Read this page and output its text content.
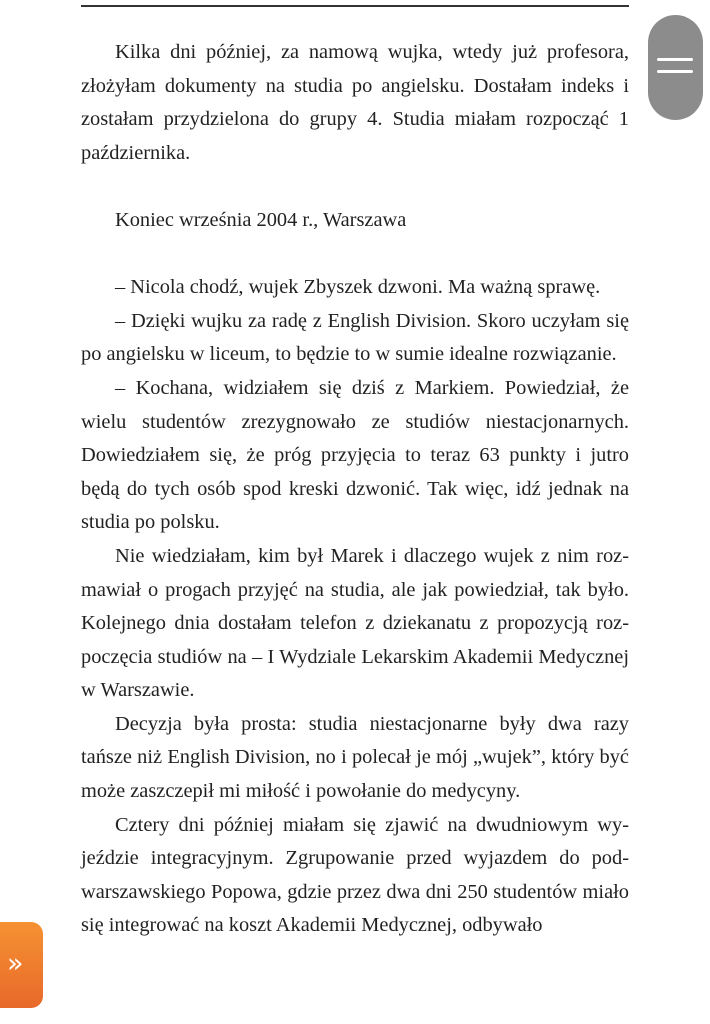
Kilka dni później, za namową wujka, wtedy już profesora, złożyłam dokumenty na studia po angielsku. Dostałam indeks i zostałam przydzielona do grupy 4. Studia miałam rozpocząć 1 października.

Koniec września 2004 r., Warszawa

– Nicola chodź, wujek Zbyszek dzwoni. Ma ważną sprawę.

– Dzięki wujku za radę z English Division. Skoro uczyłam się po angielsku w liceum, to będzie to w sumie idealne rozwiązanie.

– Kochana, widziałem się dziś z Markiem. Powiedział, że wielu studentów zrezygnowało ze studiów niestacjonarnych. Dowiedziałem się, że próg przyjęcia to teraz 63 punkty i jutro będą do tych osób spod kreski dzwonić. Tak więc, idź jednak na studia po polsku.

Nie wiedziałam, kim był Marek i dlaczego wujek z nim rozmawiał o progach przyjęć na studia, ale jak powiedział, tak było. Kolejnego dnia dostałam telefon z dziekanatu z propozycją rozpoczęcia studiów na – I Wydziale Lekarskim Akademii Medycznej w Warszawie.

Decyzja była prosta: studia niestacjonarne były dwa razy tańsze niż English Division, no i polecał je mój „wujek”, który być może zaszczepił mi miłość i powołanie do medycyny.

Cztery dni później miałam się zjawić na dwudniowym wyjeździe integracyjnym. Zgrupowanie przed wyjazdem do podwarszawskiego Popowa, gdzie przez dwa dni 250 studentów miało się integrować na koszt Akademii Medycznej, odbywało

»
